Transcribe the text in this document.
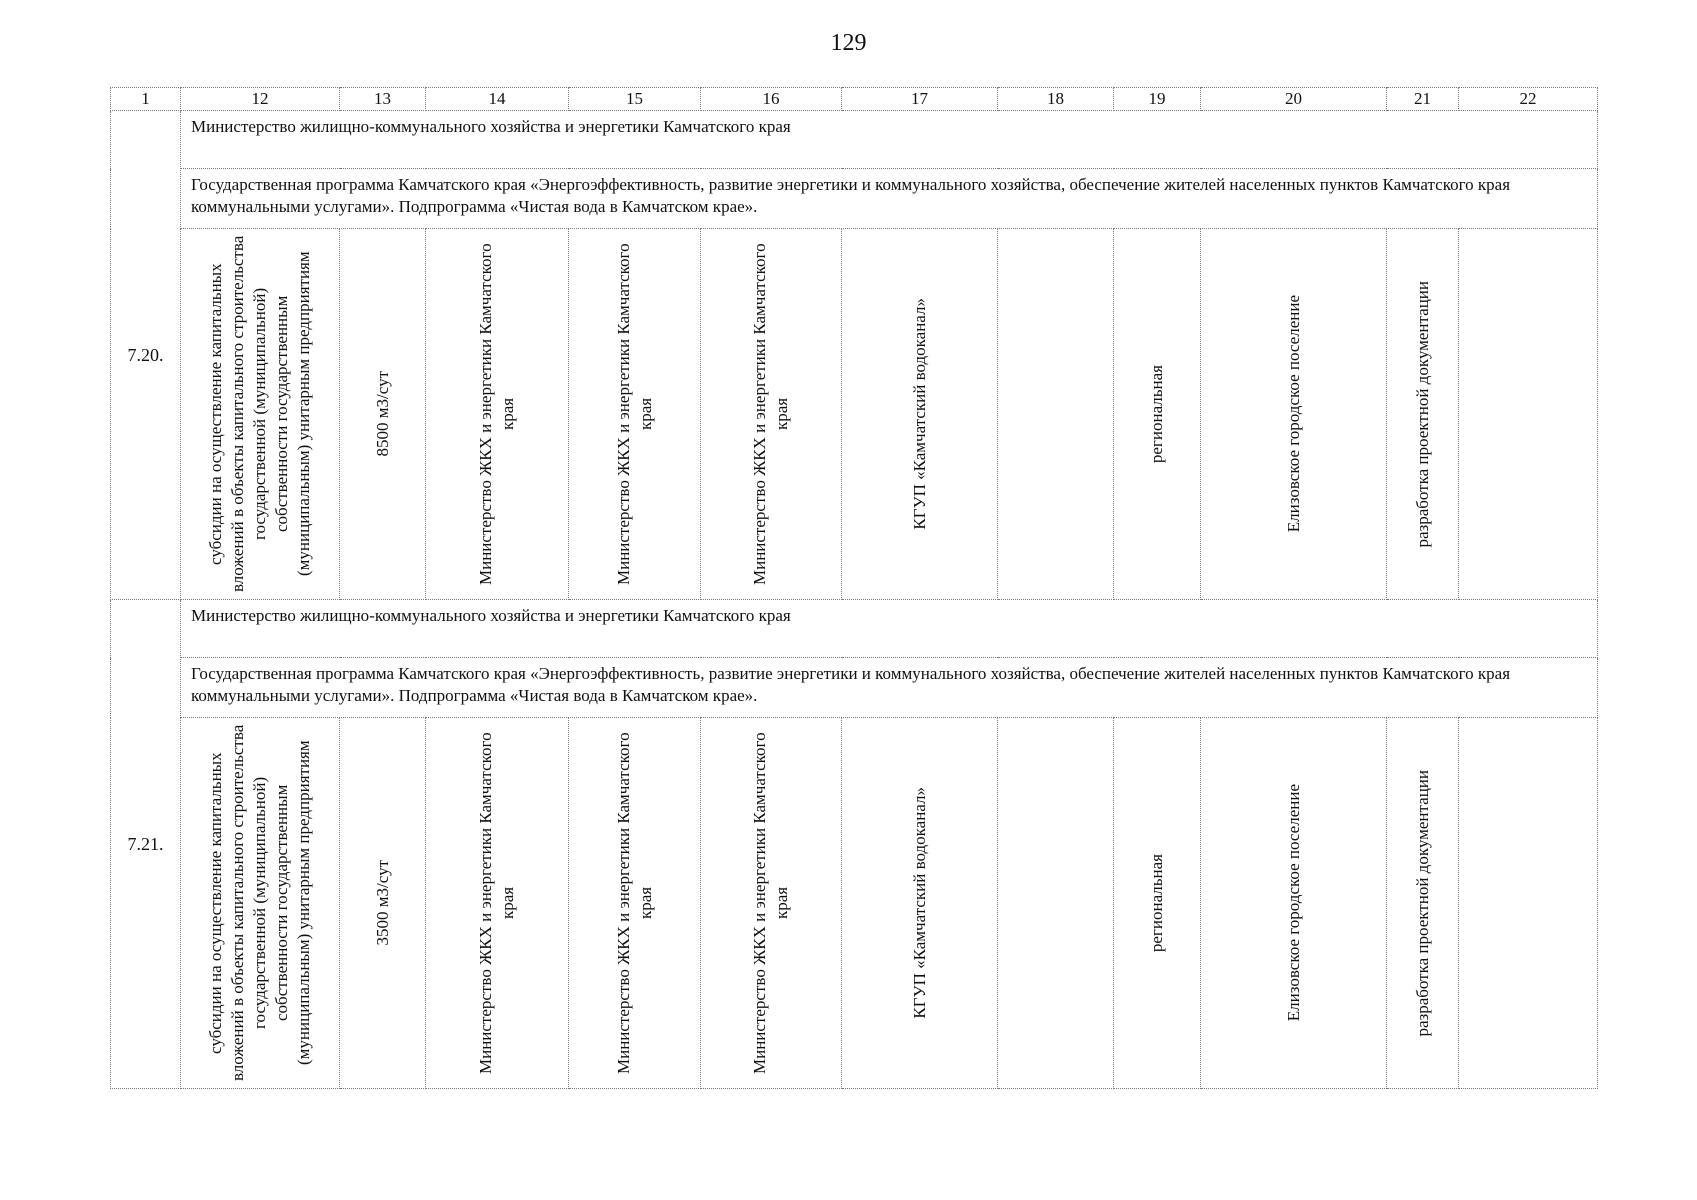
129
1	12	13	14	15	16	17	18	19	20	21	22
7.20.	Министерство жилищно-коммунального хозяйства и энергетики Камчатского края										
	Государственная программа Камчатского края «Энергоэффективность, развитие энергетики и коммунального хозяйства, обеспечение жителей населенных пунктов Камчатского края коммунальными услугами». Подпрограмма «Чистая вода в Камчатском крае».										

	субсидии на осуществление капитальных вложений в объекты капитального строительства государственной (муниципальной) собственности государственным (муниципальным) унитарным предприятиям	8500 м3/сут	Министерство ЖКХ и энергетики Камчатского края	Министерство ЖКХ и энергетики Камчатского края	Министерство ЖКХ и энергетики Камчатского края	КГУП «Камчатский водоканал»		региональная	Елизовское городское поселение	разработка проектной документации	

7.21.	Министерство жилищно-коммунального хозяйства и энергетики Камчатского края										
	Государственная программа Камчатского края «Энергоэффективность, развитие энергетики и коммунального хозяйства, обеспечение жителей населенных пунктов Камчатского края коммунальными услугами». Подпрограмма «Чистая вода в Камчатском крае».										

	субсидии на осуществление капитальных вложений в объекты капитального строительства государственной (муниципальной) собственности государственным (муниципальным) унитарным предприятиям	3500 м3/сут	Министерство ЖКХ и энергетики Камчатского края	Министерство ЖКХ и энергетики Камчатского края	Министерство ЖКХ и энергетики Камчатского края	КГУП «Камчатский водоканал»		региональная	Елизовское городское поселение	разработка проектной документации	
